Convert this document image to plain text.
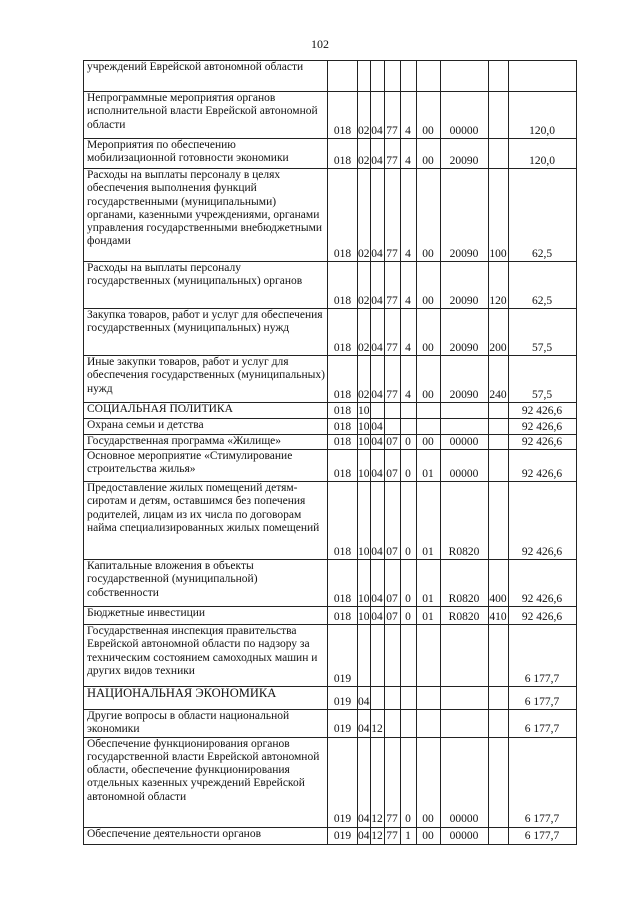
102
учреждений Еврейской автономной области									
Непрограммные мероприятия органов исполнительной власти Еврейской автономной области	018	02	04	77	4	00	00000		120,0
Мероприятия по обеспечению мобилизационной готовности экономики	018	02	04	77	4	00	20090		120,0
Расходы на выплаты персоналу в целях обеспечения выполнения функций государственными (муниципальными) органами, казенными учреждениями, органами управления государственными внебюджетными фондами	018	02	04	77	4	00	20090	100	62,5
Расходы на выплаты персоналу государственных (муниципальных) органов	018	02	04	77	4	00	20090	120	62,5
Закупка товаров, работ и услуг для обеспечения государственных (муниципальных) нужд	018	02	04	77	4	00	20090	200	57,5
Иные закупки товаров, работ и услуг для обеспечения государственных (муниципальных) нужд	018	02	04	77	4	00	20090	240	57,5
СОЦИАЛЬНАЯ ПОЛИТИКА	018	10							92 426,6
Охрана семьи и детства	018	10	04						92 426,6
Государственная программа «Жилище»	018	10	04	07	0	00	00000		92 426,6
Основное мероприятие «Стимулирование строительства жилья»	018	10	04	07	0	01	00000		92 426,6
Предоставление жилых помещений детям-сиротам и детям, оставшимся без попечения родителей, лицам из их числа по договорам найма специализированных жилых помещений	018	10	04	07	0	01	R0820		92 426,6
Капитальные вложения в объекты государственной (муниципальной) собственности	018	10	04	07	0	01	R0820	400	92 426,6
Бюджетные инвестиции	018	10	04	07	0	01	R0820	410	92 426,6
Государственная инспекция правительства Еврейской автономной области по надзору за техническим состоянием самоходных машин и других видов техники	019								6 177,7
НАЦИОНАЛЬНАЯ ЭКОНОМИКА	019	04							6 177,7
Другие вопросы в области национальной экономики	019	04	12						6 177,7
Обеспечение функционирования органов государственной власти Еврейской автономной области, обеспечение функционирования отдельных казенных учреждений Еврейской автономной области	019	04	12	77	0	00	00000		6 177,7
Обеспечение деятельности органов	019	04	12	77	1	00	00000		6 177,7
